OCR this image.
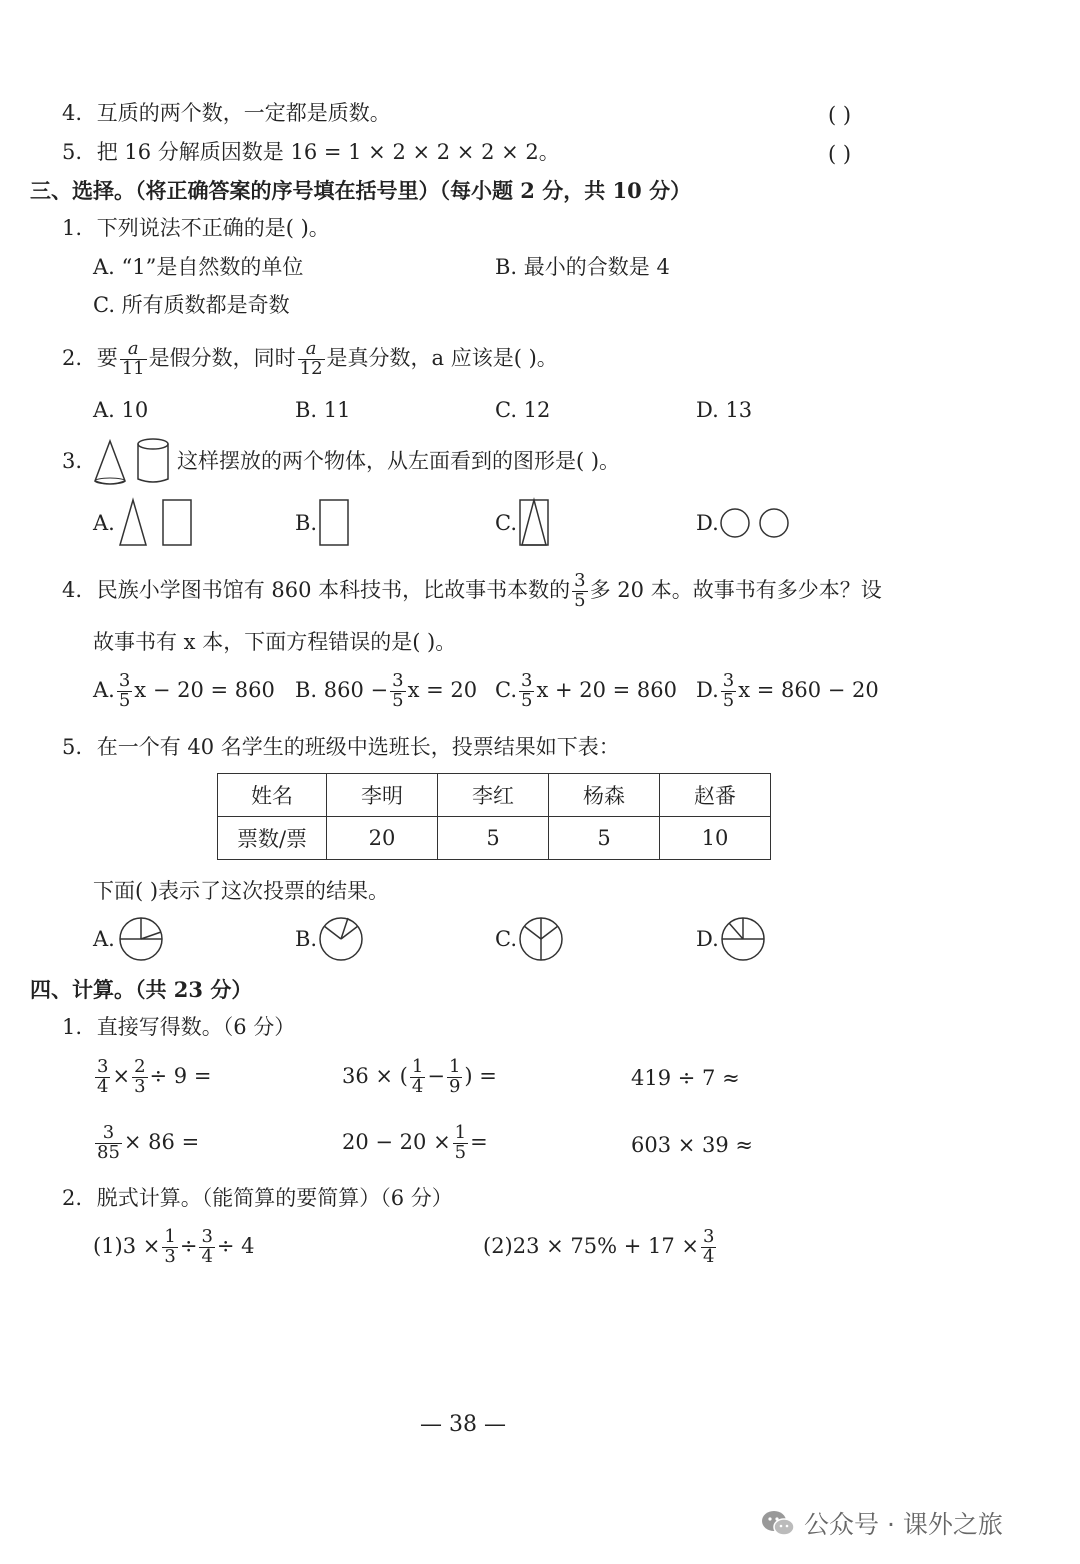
4. 互质的两个数，一定都是质数。	( )
5. 把 16 分解质因数是 16 = 1 × 2 × 2 × 2 × 2。	( )
三、选择。（将正确答案的序号填在括号里）（每小题 2 分，共 10 分）
1. 下列说法不正确的是( )。
A. “1”是自然数的单位	B. 最小的合数是 4
C. 所有质数都是奇数
2. 要 $\frac{a}{11}$ 是假分数，同时 $\frac{a}{12}$ 是真分数，a 应该是( )。
A. 10	B. 11	C. 12	D. 13
3.	这样摆放的两个物体，从左面看到的图形是( )。
A.	B.	C.	D.
4. 民族小学图书馆有 860 本科技书，比故事书本数的 $\frac{3}{5}$ 多 20 本。故事书有多少本？设
故事书有 x 本，下面方程错误的是( )。
A. $\frac{3}{5}$ x − 20 = 860 B. $860 - \frac{3}{5}$ x = 20 C. $\frac{3}{5}$ x + 20 = 860 D. $\frac{3}{5}$ x = 860 − 20
5. 在一个有 40 名学生的班级中选班长，投票结果如下表：
姓名	李明	李红	杨森	赵番
票数/票	20	5	5	10
下面( )表示了这次投票的结果。
A.	B.	C.	D.
四、计算。（共 23 分）
1. 直接写得数。（6 分）
$\frac{3}{4} \times \frac{2}{3} \div 9$ =	36 × ( $\frac{1}{4} - \frac{1}{9}$ ) =	419 ÷ 7 ≈
$\frac{3}{85} \times 86$ =	$20 - 20 \times \frac{1}{5}$ =	603 × 39 ≈
2. 脱式计算。（能简算的要简算）（6 分）
$(1)3 \times \frac{1}{3} \div \frac{3}{4} \div 4$	$(2)23 \times 75\% + 17 \times \frac{3}{4}$
— 38 —
公众号 · 课外之旅
